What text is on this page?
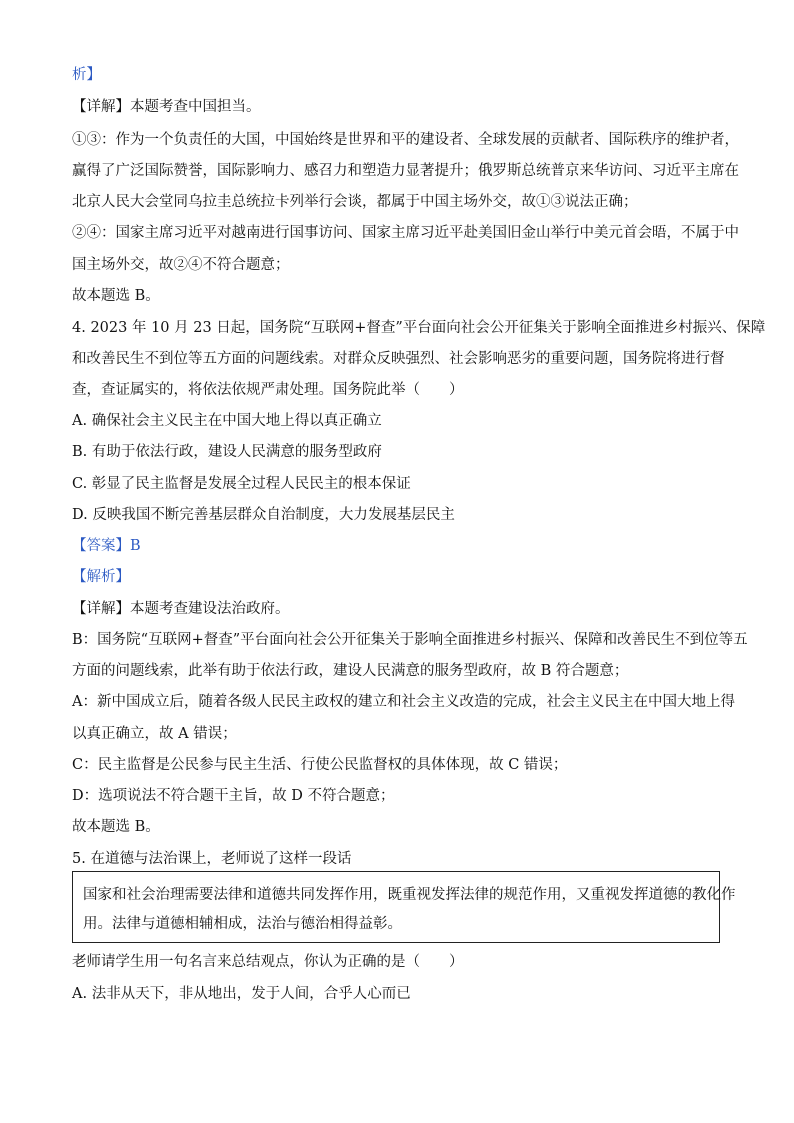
析】
【详解】本题考查中国担当。
①③：作为一个负责任的大国，中国始终是世界和平的建设者、全球发展的贡献者、国际秩序的维护者，
赢得了广泛国际赞誉，国际影响力、感召力和塑造力显著提升；俄罗斯总统普京来华访问、习近平主席在
北京人民大会堂同乌拉圭总统拉卡列举行会谈，都属于中国主场外交，故①③说法正确；
②④：国家主席习近平对越南进行国事访问、国家主席习近平赴美国旧金山举行中美元首会晤，不属于中
国主场外交，故②④不符合题意；
故本题选 B。
4. 2023 年 10 月 23 日起，国务院“互联网+督查”平台面向社会公开征集关于影响全面推进乡村振兴、保障
和改善民生不到位等五方面的问题线索。对群众反映强烈、社会影响恶劣的重要问题，国务院将进行督
查，查证属实的，将依法依规严肃处理。国务院此举（　　）
A. 确保社会主义民主在中国大地上得以真正确立
B. 有助于依法行政，建设人民满意的服务型政府
C. 彰显了民主监督是发展全过程人民民主的根本保证
D. 反映我国不断完善基层群众自治制度，大力发展基层民主
【答案】B
【解析】
【详解】本题考查建设法治政府。
B：国务院“互联网+督查”平台面向社会公开征集关于影响全面推进乡村振兴、保障和改善民生不到位等五
方面的问题线索，此举有助于依法行政，建设人民满意的服务型政府，故 B 符合题意；
A：新中国成立后，随着各级人民民主政权的建立和社会主义改造的完成，社会主义民主在中国大地上得
以真正确立，故 A 错误；
C：民主监督是公民参与民主生活、行使公民监督权的具体体现，故 C 错误；
D：选项说法不符合题干主旨，故 D 不符合题意；
故本题选 B。
5. 在道德与法治课上，老师说了这样一段话
国家和社会治理需要法律和道德共同发挥作用，既重视发挥法律的规范作用，又重视发挥道德的教化作
用。法律与道德相辅相成，法治与德治相得益彰。
老师请学生用一句名言来总结观点，你认为正确的是（　　）
A. 法非从天下，非从地出，发于人间，合乎人心而已
